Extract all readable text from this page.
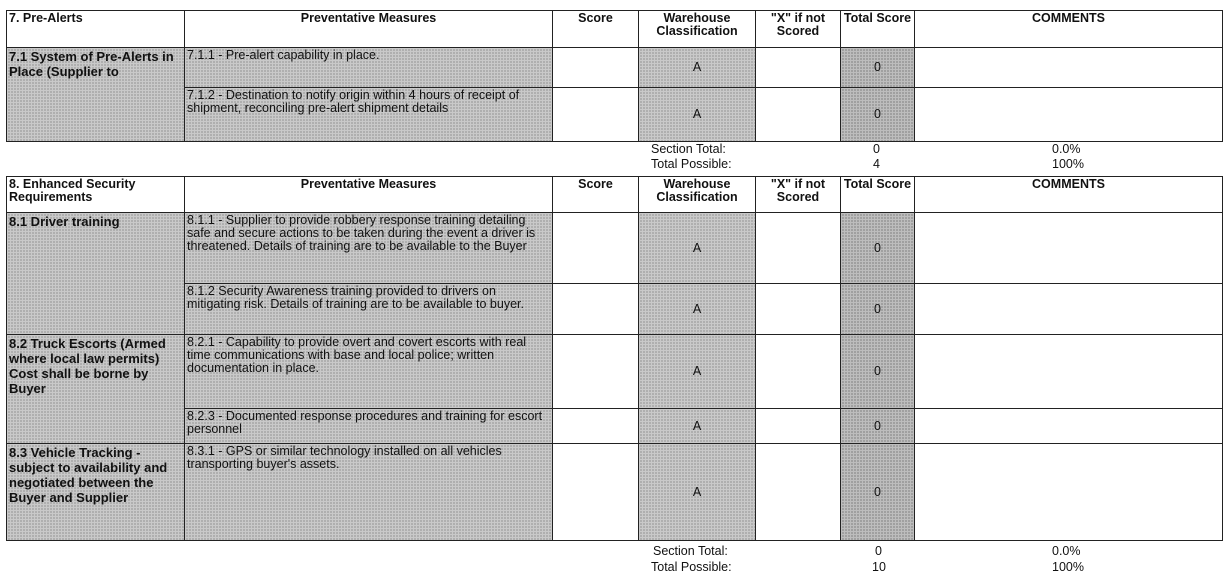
7. Pre-Alerts	Preventative Measures	Score	Warehouse Classification	"X" if not Scored	Total Score	COMMENTS
7.1 System of Pre-Alerts in Place (Supplier to	7.1.1 - Pre-alert capability in place.		A		0	
	7.1.2 - Destination to notify origin within 4 hours of receipt of shipment, reconciling pre-alert shipment details		A		0	
Section Total:	0	0.0%
Total Possible:	4	100%
8. Enhanced Security Requirements	Preventative Measures	Score	Warehouse Classification	"X" if not Scored	Total Score	COMMENTS
8.1 Driver training	8.1.1 - Supplier to provide robbery response training detailing safe and secure actions to be taken during the event a driver is threatened. Details of training are to be available to the Buyer		A		0	
	8.1.2 Security Awareness training provided to drivers on mitigating risk. Details of training are to be available to buyer.		A		0	
8.2 Truck Escorts (Armed where local law permits) Cost shall be borne by Buyer	8.2.1 - Capability to provide overt and covert escorts with real time communications with base and local police; written documentation in place.		A		0	
	8.2.3 - Documented response procedures and training for escort personnel		A		0	
8.3 Vehicle Tracking - subject to availability and negotiated between the Buyer and Supplier	8.3.1 - GPS or similar technology installed on all vehicles transporting buyer's assets.		A		0	
Section Total:	0	0.0%
Total Possible:	10	100%
